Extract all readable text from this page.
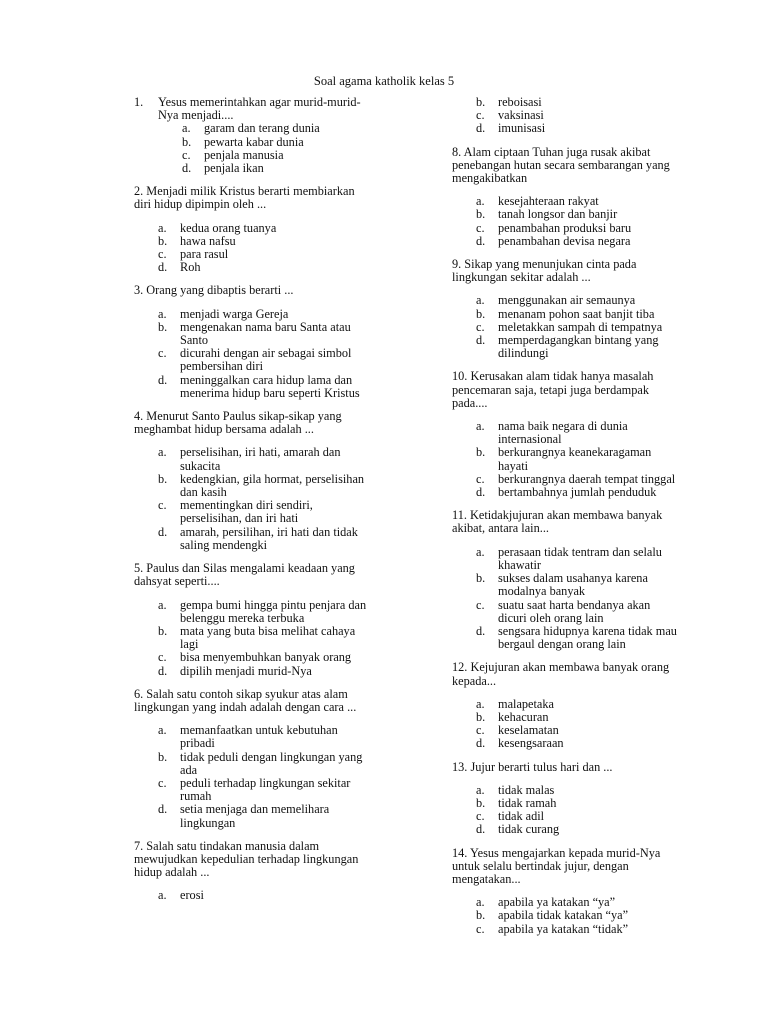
Soal agama katholik kelas 5
1.	Yesus memerintahkan agar murid-murid-Nya menjadi....
a.	garam dan terang dunia
b.	pewarta kabar dunia
c.	penjala manusia
d.	penjala ikan
2. Menjadi milik Kristus berarti membiarkan diri hidup dipimpin oleh ...
a.	kedua orang tuanya
b.	hawa nafsu
c.	para rasul
d.	Roh
3. Orang yang dibaptis berarti ...
a.	menjadi warga Gereja
b.	mengenakan nama baru Santa atau Santo
c.	dicurahi dengan air sebagai simbol pembersihan diri
d.	meninggalkan cara hidup lama dan menerima hidup baru seperti Kristus
4. Menurut Santo Paulus sikap-sikap yang meghambat hidup bersama adalah ...
a.	perselisihan, iri hati, amarah dan sukacita
b.	kedengkian, gila hormat, perselisihan dan kasih
c.	mementingkan diri sendiri, perselisihan, dan iri hati
d.	amarah, persilihan, iri hati dan tidak saling mendengki
5. Paulus dan Silas mengalami keadaan yang dahsyat seperti....
a.	gempa bumi hingga pintu penjara dan belenggu mereka terbuka
b.	mata yang buta bisa melihat cahaya lagi
c.	bisa menyembuhkan banyak orang
d.	dipilih menjadi murid-Nya
6. Salah satu contoh sikap syukur atas alam lingkungan yang indah adalah dengan cara ...
a.	memanfaatkan untuk kebutuhan pribadi
b.	tidak peduli dengan lingkungan yang ada
c.	peduli terhadap lingkungan sekitar rumah
d.	setia menjaga dan memelihara lingkungan
7. Salah satu tindakan manusia dalam mewujudkan kepedulian terhadap lingkungan hidup adalah ...
a.	erosi
b.	reboisasi
c.	vaksinasi
d.	imunisasi
8. Alam ciptaan Tuhan juga rusak akibat penebangan hutan secara sembarangan yang mengakibatkan
a.	kesejahteraan rakyat
b.	tanah longsor dan banjir
c.	penambahan produksi baru
d.	penambahan devisa negara
9. Sikap yang menunjukan cinta pada lingkungan sekitar adalah ...
a.	menggunakan air semaunya
b.	menanam pohon saat banjit tiba
c.	meletakkan sampah di tempatnya
d.	memperdagangkan bintang yang dilindungi
10. Kerusakan alam tidak hanya masalah pencemaran saja, tetapi juga berdampak pada....
a.	nama baik negara di dunia internasional
b.	berkurangnya keanekaragaman hayati
c.	berkurangnya daerah tempat tinggal
d.	bertambahnya jumlah penduduk
11. Ketidakjujuran akan membawa banyak akibat, antara lain...
a.	perasaan tidak tentram dan selalu khawatir
b.	sukses dalam usahanya karena modalnya banyak
c.	suatu saat harta bendanya akan dicuri oleh orang lain
d.	sengsara hidupnya karena tidak mau bergaul dengan orang lain
12. Kejujuran akan membawa banyak orang kepada...
a.	malapetaka
b.	kehacuran
c.	keselamatan
d.	kesengsaraan
13. Jujur berarti tulus hari dan ...
a.	tidak malas
b.	tidak ramah
c.	tidak adil
d.	tidak curang
14. Yesus mengajarkan kepada murid-Nya untuk selalu bertindak jujur, dengan mengatakan...
a.	apabila ya katakan “ya”
b.	apabila tidak katakan “ya”
c.	apabila ya katakan “tidak”
